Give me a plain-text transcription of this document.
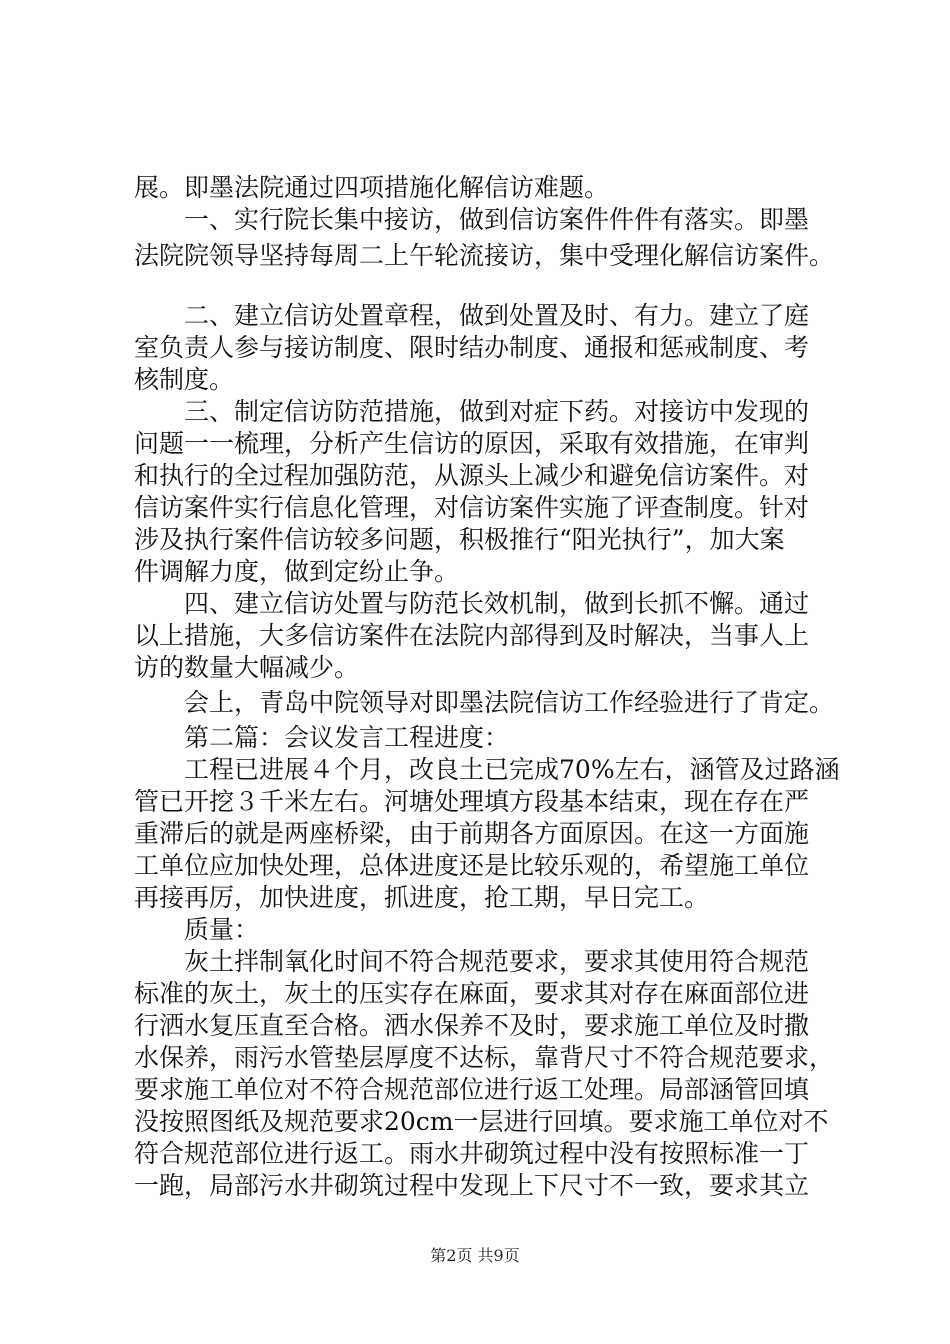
展。即墨法院通过四项措施化解信访难题。
　　一、实行院长集中接访，做到信访案件件件有落实。即墨
法院院领导坚持每周二上午轮流接访，集中受理化解信访案件。
　　二、建立信访处置章程，做到处置及时、有力。建立了庭
室负责人参与接访制度、限时结办制度、通报和惩戒制度、考
核制度。
　　三、制定信访防范措施，做到对症下药。对接访中发现的
问题一一梳理，分析产生信访的原因，采取有效措施，在审判
和执行的全过程加强防范，从源头上减少和避免信访案件。对
信访案件实行信息化管理，对信访案件实施了评查制度。针对
涉及执行案件信访较多问题，积极推行“阳光执行”，加大案
件调解力度，做到定纷止争。
　　四、建立信访处置与防范长效机制，做到长抓不懈。通过
以上措施，大多信访案件在法院内部得到及时解决，当事人上
访的数量大幅减少。
　　会上，青岛中院领导对即墨法院信访工作经验进行了肯定。
　　第二篇：会议发言工程进度：
　　工程已进展４个月，改良土已完成70%左右，涵管及过路涵
管已开挖３千米左右。河塘处理填方段基本结束，现在存在严
重滞后的就是两座桥梁，由于前期各方面原因。在这一方面施
工单位应加快处理，总体进度还是比较乐观的，希望施工单位
再接再厉，加快进度，抓进度，抢工期，早日完工。
　　质量：
　　灰土拌制氧化时间不符合规范要求，要求其使用符合规范
标准的灰土，灰土的压实存在麻面，要求其对存在麻面部位进
行洒水复压直至合格。洒水保养不及时，要求施工单位及时撒
水保养，雨污水管垫层厚度不达标，靠背尺寸不符合规范要求，
要求施工单位对不符合规范部位进行返工处理。局部涵管回填
没按照图纸及规范要求20cm一层进行回填。要求施工单位对不
符合规范部位进行返工。雨水井砌筑过程中没有按照标准一丁
一跑，局部污水井砌筑过程中发现上下尺寸不一致，要求其立
第2页 共9页
